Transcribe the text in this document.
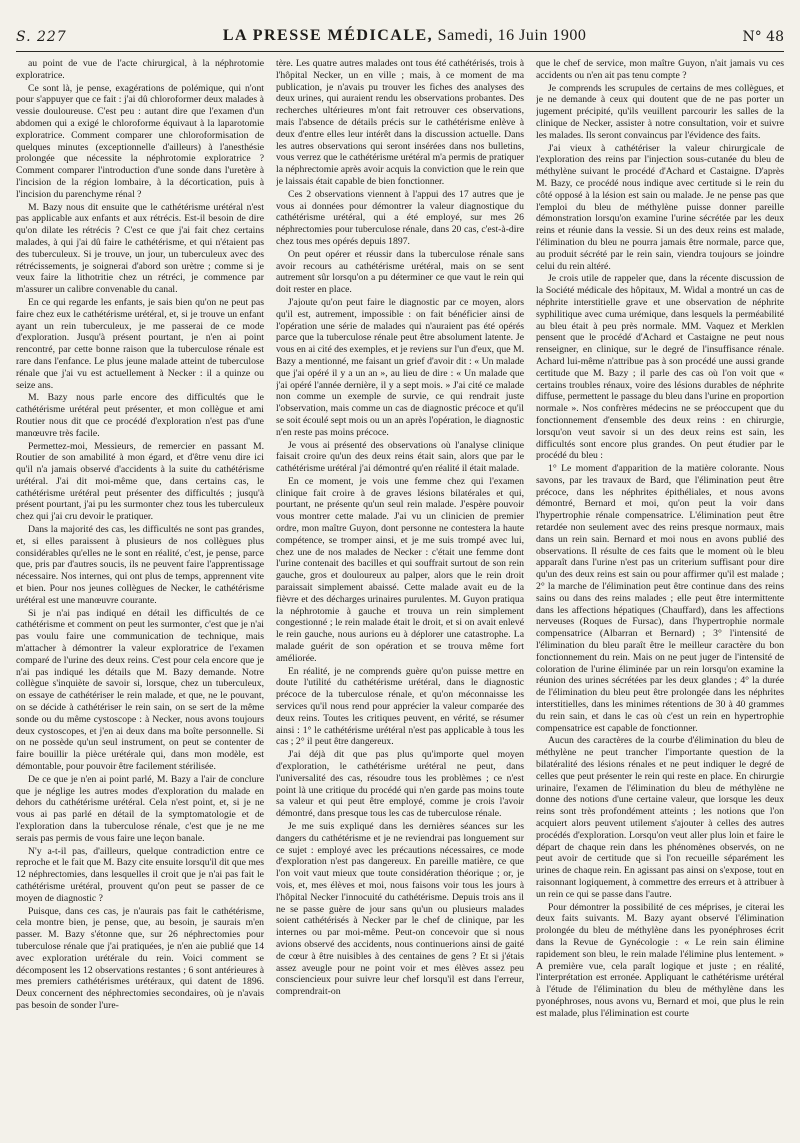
S. 227	LA PRESSE MÉDICALE, Samedi, 16 Juin 1900	N° 48

au point de vue de l'acte chirurgical, à la néphrotomie exploratrice.

Ce sont là, je pense, exagérations de polémique, qui n'ont pour s'appuyer que ce fait : j'ai dû chloroformer deux malades à vessie douloureuse. C'est peu : autant dire que l'examen d'un abdomen qui a exigé le chloroforme équivaut à la laparotomie exploratrice. Comment comparer une chloroformisation de quelques minutes (exceptionnelle d'ailleurs) à l'anesthésie prolongée que nécessite la néphrotomie exploratrice ? Comment comparer l'introduction d'une sonde dans l'uretère à l'incision de la région lombaire, à la décortication, puis à l'incision du parenchyme rénal ?

M. Bazy nous dit ensuite que le cathétérisme urétéral n'est pas applicable aux enfants et aux rétrécis. Est-il besoin de dire qu'on dilate les rétrécis ? C'est ce que j'ai fait chez certains malades, à qui j'ai dû faire le cathétérisme, et qui n'étaient pas des tuberculeux. Si je trouve, un jour, un tuberculeux avec des rétrécissements, je soignerai d'abord son urètre ; comme si je veux faire la lithotritie chez un rétréci, je commence par m'assurer un calibre convenable du canal.

En ce qui regarde les enfants, je sais bien qu'on ne peut pas faire chez eux le cathétérisme urétéral, et, si je trouve un enfant ayant un rein tuberculeux, je me passerai de ce mode d'exploration. Jusqu'à présent pourtant, je n'en ai point rencontré, par cette bonne raison que la tuberculose rénale est rare dans l'enfance. Le plus jeune malade atteint de tuberculose rénale que j'ai vu est actuellement à Necker : il a quinze ou seize ans.

M. Bazy nous parle encore des difficultés que le cathétérisme urétéral peut présenter, et mon collègue et ami Routier nous dit que ce procédé d'exploration n'est pas d'une manœuvre très facile.

Permettez-moi, Messieurs, de remercier en passant M. Routier de son amabilité à mon égard, et d'être venu dire ici qu'il n'a jamais observé d'accidents à la suite du cathétérisme urétéral. J'ai dit moi-même que, dans certains cas, le cathétérisme urétéral peut présenter des difficultés ; jusqu'à présent pourtant, j'ai pu les surmonter chez tous les tuberculeux chez qui j'ai cru devoir le pratiquer.

Dans la majorité des cas, les difficultés ne sont pas grandes, et, si elles paraissent à plusieurs de nos collègues plus considérables qu'elles ne le sont en réalité, c'est, je pense, parce que, pris par d'autres soucis, ils ne peuvent faire l'apprentissage nécessaire. Nos internes, qui ont plus de temps, apprennent vite et bien. Pour nos jeunes collègues de Necker, le cathétérisme urétéral est une manœuvre courante.

Si je n'ai pas indiqué en détail les difficultés de ce cathétérisme et comment on peut les surmonter, c'est que je n'ai pas voulu faire une communication de technique, mais m'attacher à démontrer la valeur exploratrice de l'examen comparé de l'urine des deux reins. C'est pour cela encore que je n'ai pas indiqué les détails que M. Bazy demande. Notre collègue s'inquiète de savoir si, lorsque, chez un tuberculeux, on essaye de cathétériser le rein malade, et que, ne le pouvant, on se décide à cathétériser le rein sain, on se sert de la même sonde ou du même cystoscope : à Necker, nous avons toujours deux cystoscopes, et j'en ai deux dans ma boîte personnelle. Si on ne possède qu'un seul instrument, on peut se contenter de faire bouillir la pièce urétérale qui, dans mon modèle, est démontable, pour pouvoir être facilement stérilisée.

De ce que je n'en ai point parlé, M. Bazy a l'air de conclure que je néglige les autres modes d'exploration du malade en dehors du cathétérisme urétéral. Cela n'est point, et, si je ne vous ai pas parlé en détail de la symptomatologie et de l'exploration dans la tuberculose rénale, c'est que je ne me serais pas permis de vous faire une leçon banale.

N'y a-t-il pas, d'ailleurs, quelque contradiction entre ce reproche et le fait que M. Bazy cite ensuite lorsqu'il dit que mes 12 néphrectomies, dans lesquelles il croit que je n'ai pas fait le cathétérisme urétéral, prouvent qu'on peut se passer de ce moyen de diagnostic ?

Puisque, dans ces cas, je n'aurais pas fait le cathétérisme, cela montre bien, je pense, que, au besoin, je saurais m'en passer. M. Bazy s'étonne que, sur 26 néphrectomies pour tuberculose rénale que j'ai pratiquées, je n'en aie publié que 14 avec exploration urétérale du rein. Voici comment se décomposent les 12 observations restantes ; 6 sont antérieures à mes premiers cathétérismes urétéraux, qui datent de 1896. Deux concernent des néphrectomies secondaires, où je n'avais pas besoin de sonder l'ure-

tère. Les quatre autres malades ont tous été cathétérisés, trois à l'hôpital Necker, un en ville ; mais, à ce moment de ma publication, je n'avais pu trouver les fiches des analyses des deux urines, qui auraient rendu les observations probantes. Des recherches ultérieures m'ont fait retrouver ces observations, mais l'absence de détails précis sur le cathétérisme enlève à deux d'entre elles leur intérêt dans la discussion actuelle. Dans les autres observations qui seront insérées dans nos bulletins, vous verrez que le cathétérisme urétéral m'a permis de pratiquer la néphrectomie après avoir acquis la conviction que le rein que je laissais était capable de bien fonctionner.

Ces 2 observations viennent à l'appui des 17 autres que je vous ai données pour démontrer la valeur diagnostique du cathétérisme urétéral, qui a été employé, sur mes 26 néphrectomies pour tuberculose rénale, dans 20 cas, c'est-à-dire chez tous mes opérés depuis 1897.

On peut opérer et réussir dans la tuberculose rénale sans avoir recours au cathétérisme urétéral, mais on se sent autrement sûr lorsqu'on a pu déterminer ce que vaut le rein qui doit rester en place.

J'ajoute qu'on peut faire le diagnostic par ce moyen, alors qu'il est, autrement, impossible : on fait bénéficier ainsi de l'opération une série de malades qui n'auraient pas été opérés parce que la tuberculose rénale peut être absolument latente. Je vous en ai cité des exemples, et je reviens sur l'un d'eux, que M. Bazy a mentionné, me faisant un grief d'avoir dit : « Un malade que j'ai opéré il y a un an », au lieu de dire : « Un malade que j'ai opéré l'année dernière, il y a sept mois. » J'ai cité ce malade non comme un exemple de survie, ce qui rendrait juste l'observation, mais comme un cas de diagnostic précoce et qu'il se soit écoulé sept mois ou un an après l'opération, le diagnostic n'en reste pas moins précoce.

Je vous ai présenté des observations où l'analyse clinique faisait croire qu'un des deux reins était sain, alors que par le cathétérisme urétéral j'ai démontré qu'en réalité il était malade.

En ce moment, je vois une femme chez qui l'examen clinique fait croire à de graves lésions bilatérales et qui, pourtant, ne présente qu'un seul rein malade. J'espère pouvoir vous montrer cette malade. J'ai vu un clinicien de premier ordre, mon maître Guyon, dont personne ne contestera la haute compétence, se tromper ainsi, et je me suis trompé avec lui, chez une de nos malades de Necker : c'était une femme dont l'urine contenait des bacilles et qui souffrait surtout de son rein gauche, gros et douloureux au palper, alors que le rein droit paraissait simplement abaissé. Cette malade avait eu de la fièvre et des décharges urinaires purulentes. M. Guyon pratiqua la néphrotomie à gauche et trouva un rein simplement congestionné ; le rein malade était le droit, et si on avait enlevé le rein gauche, nous aurions eu à déplorer une catastrophe. La malade guérit de son opération et se trouva même fort améliorée.

En réalité, je ne comprends guère qu'on puisse mettre en doute l'utilité du cathétérisme urétéral, dans le diagnostic précoce de la tuberculose rénale, et qu'on méconnaisse les services qu'il nous rend pour apprécier la valeur comparée des deux reins. Toutes les critiques peuvent, en vérité, se résumer ainsi : 1° le cathétérisme urétéral n'est pas applicable à tous les cas ; 2° il peut être dangereux.

J'ai déjà dit que pas plus qu'importe quel moyen d'exploration, le cathétérisme urétéral ne peut, dans l'universalité des cas, résoudre tous les problèmes ; ce n'est point là une critique du procédé qui n'en garde pas moins toute sa valeur et qui peut être employé, comme je crois l'avoir démontré, dans presque tous les cas de tuberculose rénale.

Je me suis expliqué dans les dernières séances sur les dangers du cathétérisme et je ne reviendrai pas longuement sur ce sujet : employé avec les précautions nécessaires, ce mode d'exploration n'est pas dangereux. En pareille matière, ce que l'on voit vaut mieux que toute considération théorique ; or, je vois, et, mes élèves et moi, nous faisons voir tous les jours à l'hôpital Necker l'innocuité du cathétérisme. Depuis trois ans il ne se passe guère de jour sans qu'un ou plusieurs malades soient cathétérisés à Necker par le chef de clinique, par les internes ou par moi-même. Peut-on concevoir que si nous avions observé des accidents, nous continuerions ainsi de gaité de cœur à être nuisibles à des centaines de gens ? Et si j'étais assez aveugle pour ne point voir et mes élèves assez peu consciencieux pour suivre leur chef lorsqu'il est dans l'erreur, comprendrait-on

que le chef de service, mon maître Guyon, n'ait jamais vu ces accidents ou n'en ait pas tenu compte ?

Je comprends les scrupules de certains de mes collègues, et je ne demande à ceux qui doutent que de ne pas porter un jugement précipité, qu'ils veuillent parcourir les salles de la clinique de Necker, assister à notre consultation, voir et suivre les malades. Ils seront convaincus par l'évidence des faits.

J'ai vieux à cathétériser la valeur chirurgicale de l'exploration des reins par l'injection sous-cutanée du bleu de méthylène suivant le procédé d'Achard et Castaigne. D'après M. Bazy, ce procédé nous indique avec certitude si le rein du côté opposé à la lésion est sain ou malade. Je ne pense pas que l'emploi du bleu de méthylène puisse donner pareille démonstration lorsqu'on examine l'urine sécrétée par les deux reins et réunie dans la vessie. Si un des deux reins est malade, l'élimination du bleu ne pourra jamais être normale, parce que, au produit sécrété par le rein sain, viendra toujours se joindre celui du rein altéré.

Je crois utile de rappeler que, dans la récente discussion de la Société médicale des hôpitaux, M. Widal a montré un cas de néphrite interstitielle grave et une observation de néphrite syphilitique avec cuma urémique, dans lesquels la perméabilité au bleu était à peu près normale. MM. Vaquez et Merklen pensent que le procédé d'Achard et Castaigne ne peut nous renseigner, en clinique, sur le degré de l'insuffisance rénale. Achard lui-même n'attribue pas à son procédé une aussi grande certitude que M. Bazy ; il parle des cas où l'on voit que « certains troubles rénaux, voire des lésions durables de néphrite diffuse, permettent le passage du bleu dans l'urine en proportion normale ». Nos confrères médecins ne se préoccupent que du fonctionnement d'ensemble des deux reins : en chirurgie, lorsqu'on veut savoir si un des deux reins est sain, les difficultés sont encore plus grandes. On peut étudier par le procédé du bleu :

1° Le moment d'apparition de la matière colorante. Nous savons, par les travaux de Bard, que l'élimination peut être précoce, dans les néphrites épithéliales, et nous avons démontré, Bernard et moi, qu'on peut la voir dans l'hypertrophie rénale compensatrice. L'élimination peut être retardée non seulement avec des reins presque normaux, mais dans un rein sain. Bernard et moi nous en avons publié des observations. Il résulte de ces faits que le moment où le bleu apparaît dans l'urine n'est pas un criterium suffisant pour dire qu'un des deux reins est sain ou pour affirmer qu'il est malade ; 2° la marche de l'élimination peut être continue dans des reins sains ou dans des reins malades ; elle peut être intermittente dans les affections hépatiques (Chauffard), dans les affections nerveuses (Roques de Fursac), dans l'hypertrophie normale compensatrice (Albarran et Bernard) ; 3° l'intensité de l'élimination du bleu paraît être le meilleur caractère du bon fonctionnement du rein. Mais on ne peut juger de l'intensité de coloration de l'urine éliminée par un rein lorsqu'on examine la réunion des urines sécrétées par les deux glandes ; 4° la durée de l'élimination du bleu peut être prolongée dans les néphrites interstitielles, dans les minimes rétentions de 30 à 40 grammes du rein sain, et dans le cas où c'est un rein en hypertrophie compensatrice est capable de fonctionner.

Aucun des caractères de la courbe d'élimination du bleu de méthylène ne peut trancher l'importante question de la bilatéralité des lésions rénales et ne peut indiquer le degré de celles que peut présenter le rein qui reste en place. En chirurgie urinaire, l'examen de l'élimination du bleu de méthylène ne donne des notions d'une certaine valeur, que lorsque les deux reins sont très profondément atteints ; les notions que l'on acquiert alors peuvent utilement s'ajouter à celles des autres procédés d'exploration. Lorsqu'on veut aller plus loin et faire le départ de chaque rein dans les phénomènes observés, on ne peut avoir de certitude que si l'on recueille séparément les urines de chaque rein. En agissant pas ainsi on s'expose, tout en raisonnant logiquement, à commettre des erreurs et à attribuer à un rein ce qui se passe dans l'autre.

Pour démontrer la possibilité de ces méprises, je citerai les deux faits suivants. M. Bazy ayant observé l'élimination prolongée du bleu de méthylène dans les pyonéphroses écrit dans la Revue de Gynécologie : « Le rein sain élimine rapidement son bleu, le rein malade l'élimine plus lentement. » A première vue, cela paraît logique et juste ; en réalité, l'interprétation est erronée. Appliquant le cathétérisme urétéral à l'étude de l'élimination du bleu de méthylène dans les pyonéphroses, nous avons vu, Bernard et moi, que plus le rein est malade, plus l'élimination est courte
